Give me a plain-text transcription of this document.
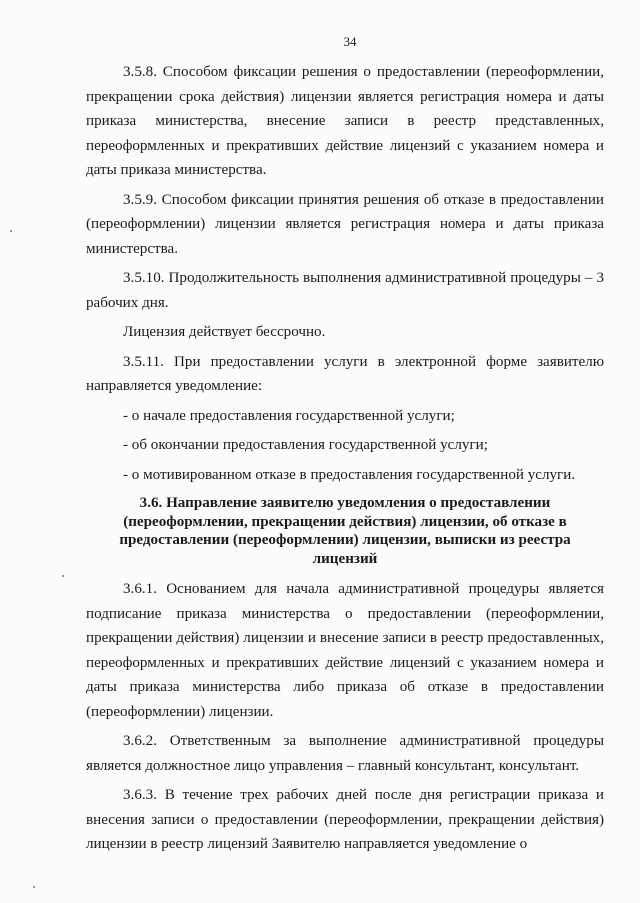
34

3.5.8. Способом фиксации решения о предоставлении (переоформлении, прекращении срока действия) лицензии является регистрация номера и даты приказа министерства, внесение записи в реестр представленных, переоформленных и прекративших действие лицензий с указанием номера и даты приказа министерства.

3.5.9. Способом фиксации принятия решения об отказе в предоставлении (переоформлении) лицензии является регистрация номера и даты приказа министерства.

3.5.10. Продолжительность выполнения административной процедуры – 3 рабочих дня.

Лицензия действует бессрочно.

3.5.11. При предоставлении услуги в электронной форме заявителю направляется уведомление:

- о начале предоставления государственной услуги;

- об окончании предоставления государственной услуги;

- о мотивированном отказе в предоставления государственной услуги.

3.6. Направление заявителю уведомления о предоставлении (переоформлении, прекращении действия) лицензии, об отказе в предоставлении (переоформлении) лицензии, выписки из реестра лицензий

3.6.1. Основанием для начала административной процедуры является подписание приказа министерства о предоставлении (переоформлении, прекращении действия) лицензии и внесение записи в реестр предоставленных, переоформленных и прекративших действие лицензий с указанием номера и даты приказа министерства либо приказа об отказе в предоставлении (переоформлении) лицензии.

3.6.2. Ответственным за выполнение административной процедуры является должностное лицо управления – главный консультант, консультант.

3.6.3. В течение трех рабочих дней после дня регистрации приказа и внесения записи о предоставлении (переоформлении, прекращении действия) лицензии в реестр лицензий Заявителю направляется уведомление о
